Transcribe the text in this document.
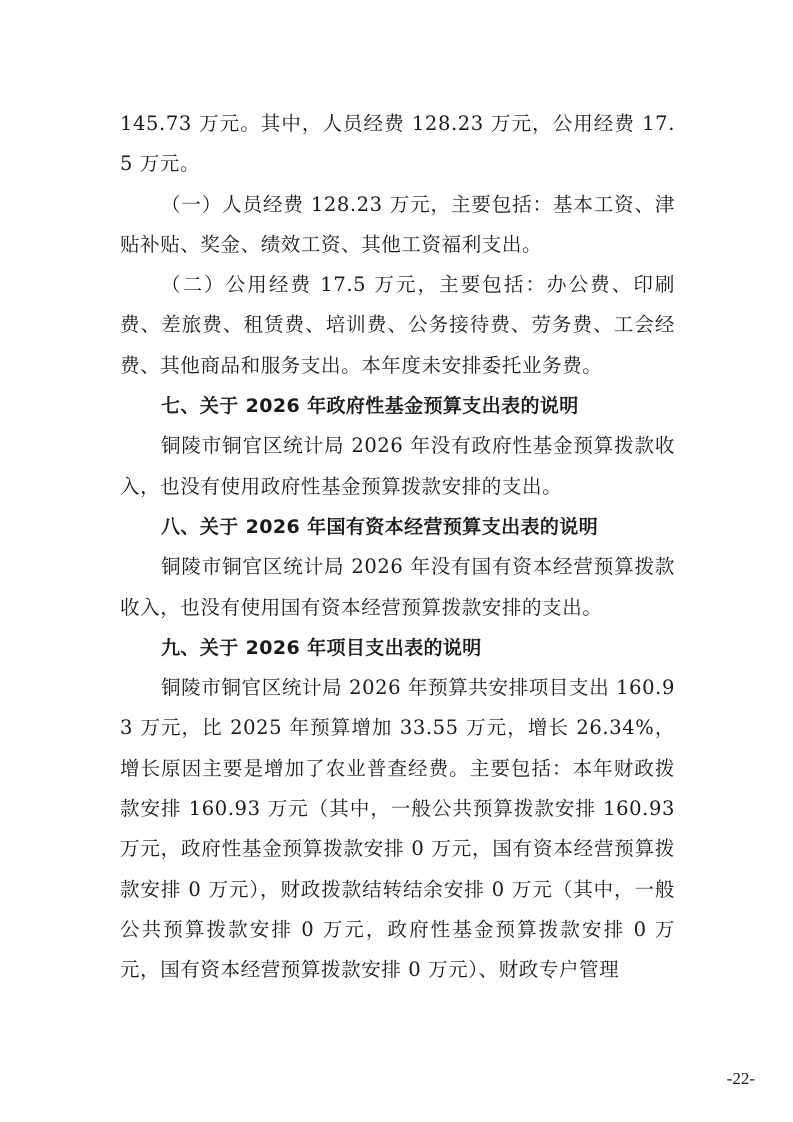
145.73 万元。其中，人员经费 128.23 万元，公用经费 17.5 万元。

（一）人员经费 128.23 万元，主要包括：基本工资、津贴补贴、奖金、绩效工资、其他工资福利支出。

（二）公用经费 17.5 万元，主要包括：办公费、印刷费、差旅费、租赁费、培训费、公务接待费、劳务费、工会经费、其他商品和服务支出。本年度未安排委托业务费。

七、关于 2026 年政府性基金预算支出表的说明

铜陵市铜官区统计局 2026 年没有政府性基金预算拨款收入，也没有使用政府性基金预算拨款安排的支出。

八、关于 2026 年国有资本经营预算支出表的说明

铜陵市铜官区统计局 2026 年没有国有资本经营预算拨款收入，也没有使用国有资本经营预算拨款安排的支出。

九、关于 2026 年项目支出表的说明

铜陵市铜官区统计局 2026 年预算共安排项目支出 160.93 万元，比 2025 年预算增加 33.55 万元，增长 26.34%，增长原因主要是增加了农业普查经费。主要包括：本年财政拨款安排 160.93 万元（其中，一般公共预算拨款安排 160.93 万元，政府性基金预算拨款安排 0 万元，国有资本经营预算拨款安排 0 万元），财政拨款结转结余安排 0 万元（其中，一般公共预算拨款安排 0 万元，政府性基金预算拨款安排 0 万元，国有资本经营预算拨款安排 0 万元）、财政专户管理

-22-
